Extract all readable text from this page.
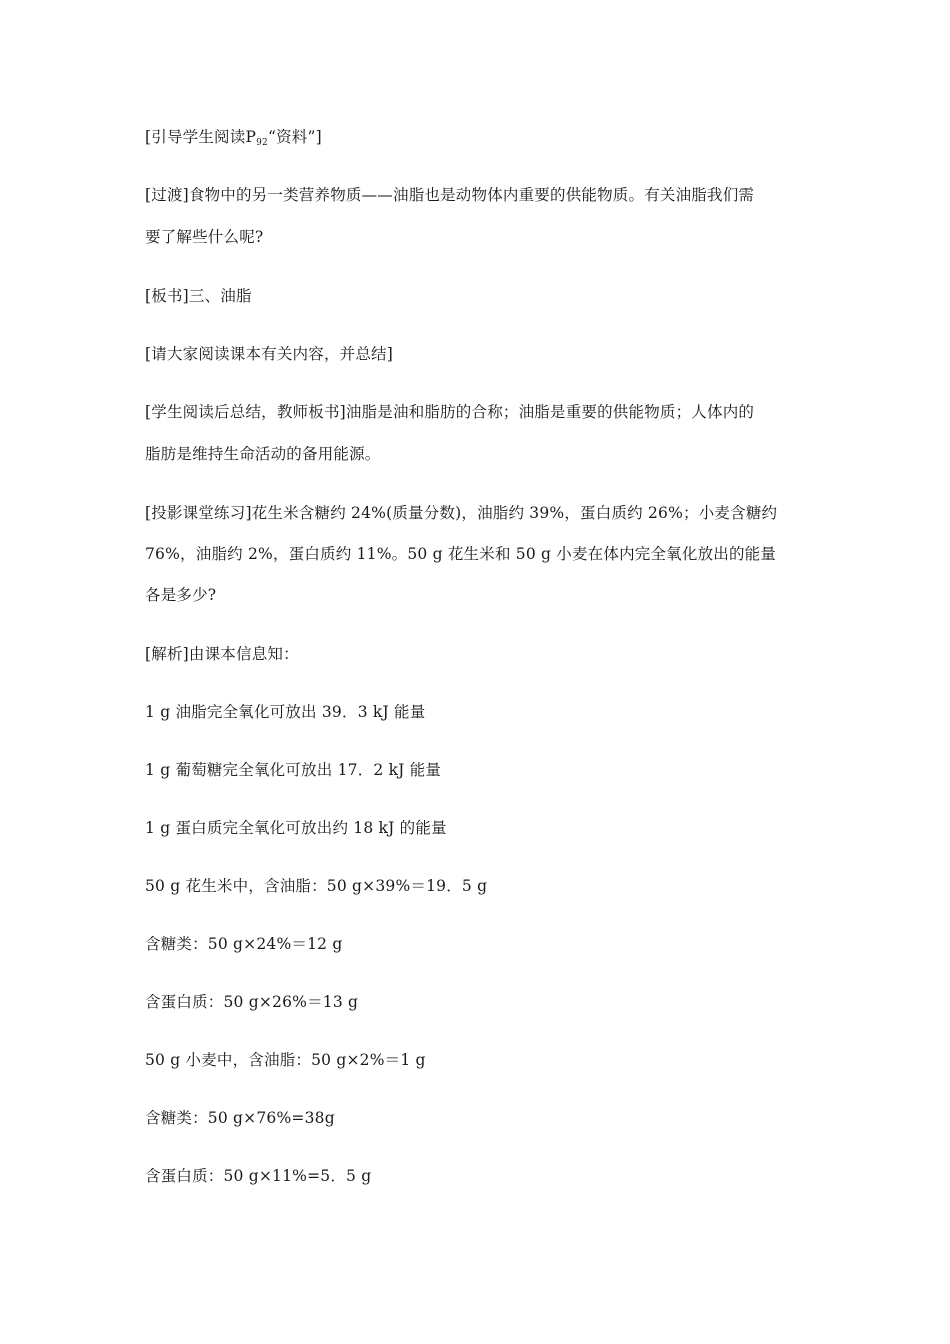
[引导学生阅读$P_{92}“$资料”]
[过渡]食物中的另一类营养物质——油脂也是动物体内重要的供能物质。有关油脂我们需
要了解些什么呢?
[板书]三、油脂
[请大家阅读课本有关内容，并总结]
[学生阅读后总结，教师板书]油脂是油和脂肪的合称；油脂是重要的供能物质；人体内的
脂肪是维持生命活动的备用能源。
[投影课堂练习]花生米含糖约 24%(质量分数)，油脂约 39%，蛋白质约 26%；小麦含糖约
76%，油脂约 2%，蛋白质约 11%。50 g 花生米和 50 g 小麦在体内完全氧化放出的能量
各是多少?
[解析]由课本信息知：
1 g 油脂完全氧化可放出 39．3 kJ 能量
1 g 葡萄糖完全氧化可放出 17．2 kJ 能量
1 g 蛋白质完全氧化可放出约 18 kJ 的能量
50 g 花生米中，含油脂：50 g×39%＝19．5 g
含糖类：50 g×24%＝12 g
含蛋白质：50 g×26%＝13 g
50 g 小麦中，含油脂：50 g×2%＝1 g
含糖类：50 g×76%=38g
含蛋白质：50 g×11%=5．5 g
